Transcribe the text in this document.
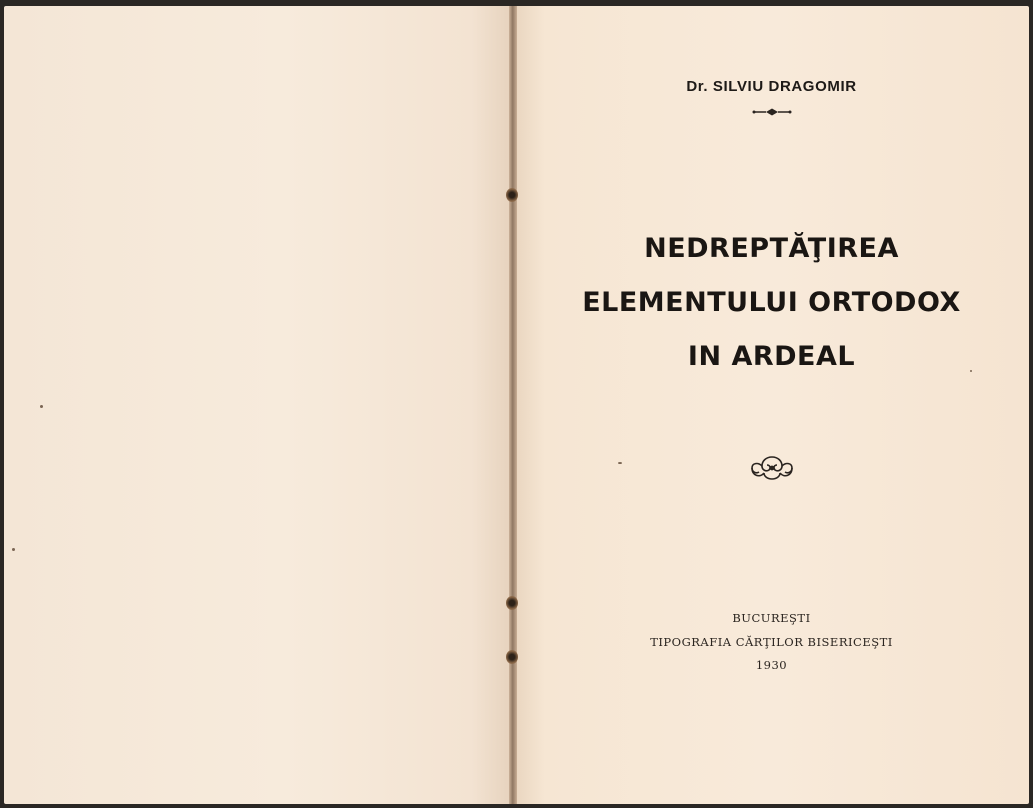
Dr. SILVIU DRAGOMIR
NEDREPTĂŢIREA
ELEMENTULUI ORTODOX
IN ARDEAL
BUCUREŞTI
TIPOGRAFIA CĂRŢILOR BISERICEŞTI
1930
